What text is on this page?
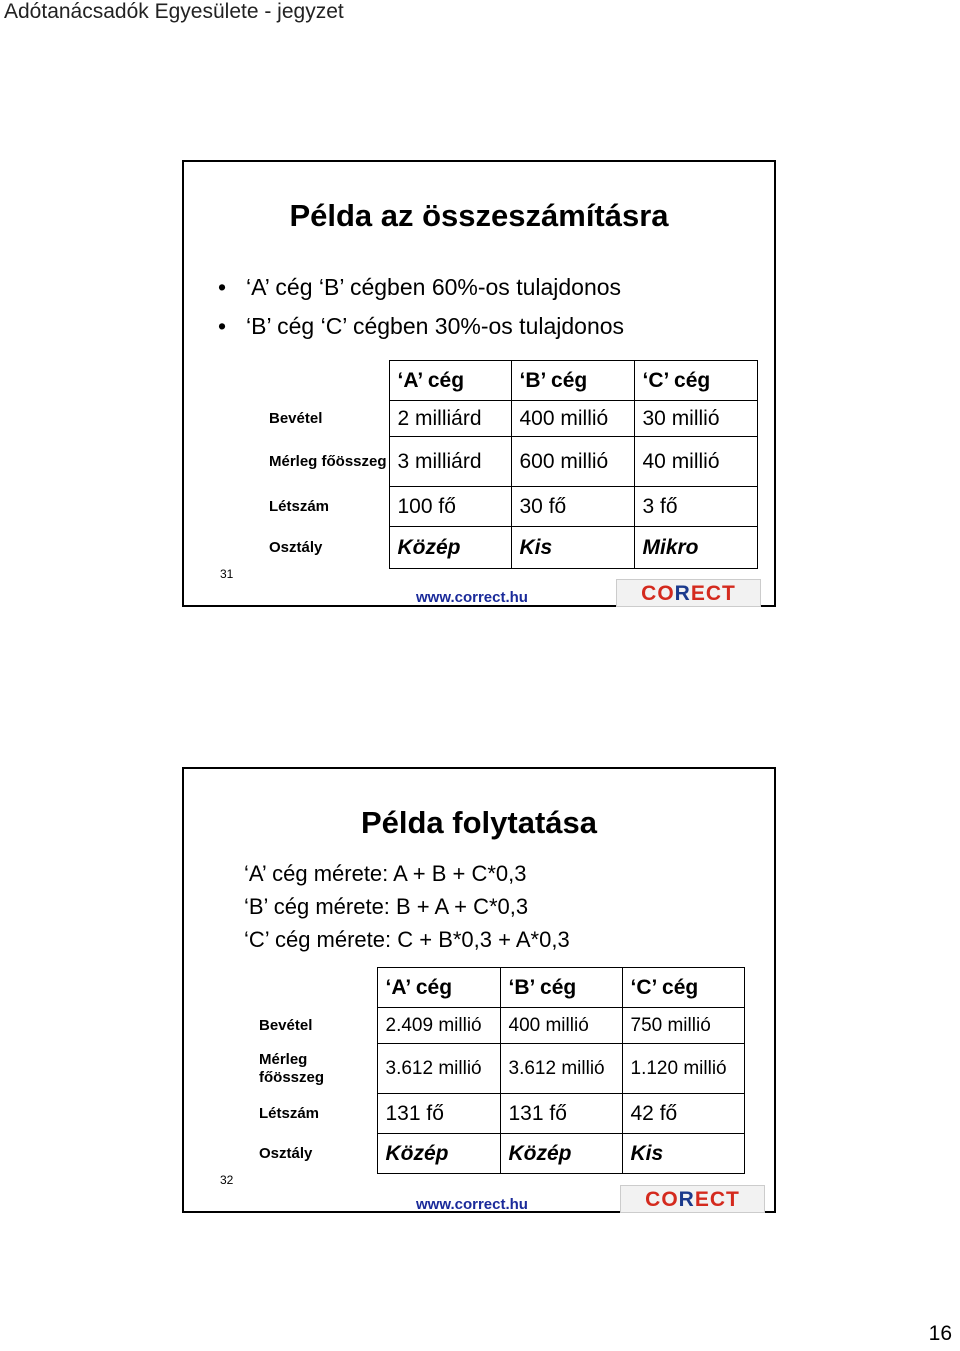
Adótanácsadók Egyesülete - jegyzet
Példa az összeszámításra
• ‘A’ cég ‘B’ cégben 60%-os tulajdonos
• ‘B’ cég ‘C’ cégben 30%-os tulajdonos
	‘A’ cég	‘B’ cég	‘C’ cég
Bevétel	2 milliárd	400 millió	30 millió
Mérleg főösszeg	3 milliárd	600 millió	40 millió
Létszám	100 fő	30 fő	3 fő
Osztály	Közép	Kis	Mikro
31
www.correct.hu	CORECT
Példa folytatása
‘A’ cég mérete: A + B + C*0,3
‘B’ cég mérete: B + A + C*0,3
‘C’ cég mérete: C + B*0,3 + A*0,3
	‘A’ cég	‘B’ cég	‘C’ cég
Bevétel	2.409 millió	400 millió	750 millió
Mérleg főösszeg	3.612 millió	3.612 millió	1.120 millió
Létszám	131 fő	131 fő	42 fő
Osztály	Közép	Közép	Kis
32
www.correct.hu	CORECT
16
